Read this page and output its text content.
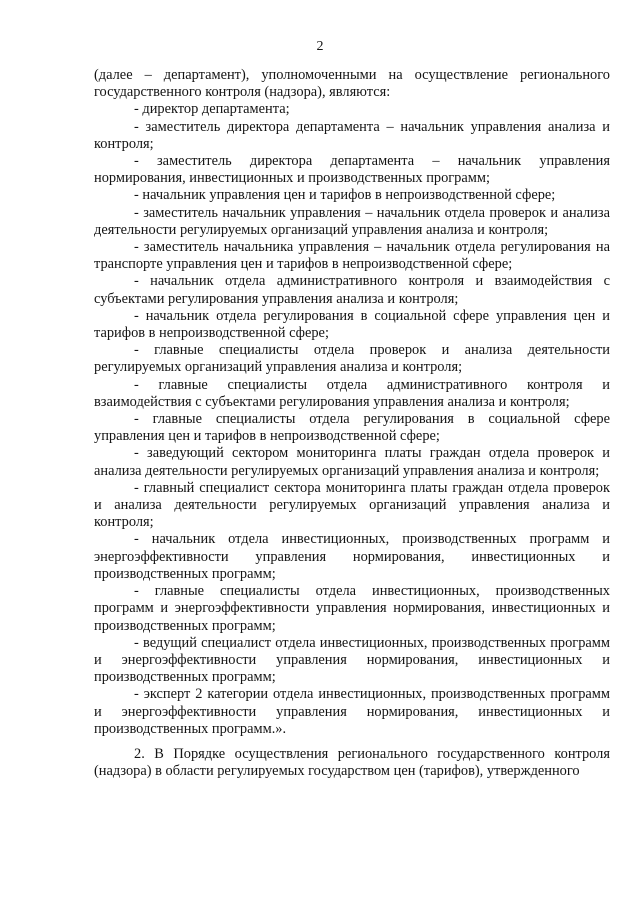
2

(далее – департамент), уполномоченными на осуществление регионального государственного контроля (надзора), являются:

- директор департамента;

- заместитель директора департамента – начальник управления анализа и контроля;

- заместитель директора департамента – начальник управления нормирования, инвестиционных и производственных программ;

- начальник управления цен и тарифов в непроизводственной сфере;

- заместитель начальник управления – начальник отдела проверок и анализа деятельности регулируемых организаций управления анализа и контроля;

- заместитель начальника управления – начальник отдела регулирования на транспорте управления цен и тарифов в непроизводственной сфере;

- начальник отдела административного контроля и взаимодействия с субъектами регулирования управления анализа и контроля;

- начальник отдела регулирования в социальной сфере управления цен и тарифов в непроизводственной сфере;

- главные специалисты отдела проверок и анализа деятельности регулируемых организаций управления анализа и контроля;

- главные специалисты отдела административного контроля и взаимодействия с субъектами регулирования управления анализа и контроля;

- главные специалисты отдела регулирования в социальной сфере управления цен и тарифов в непроизводственной сфере;

- заведующий сектором мониторинга платы граждан отдела проверок и анализа деятельности регулируемых организаций управления анализа и контроля;

- главный специалист сектора мониторинга платы граждан отдела проверок и анализа деятельности регулируемых организаций управления анализа и контроля;

- начальник отдела инвестиционных, производственных программ и энергоэффективности управления нормирования, инвестиционных и производственных программ;

- главные специалисты отдела инвестиционных, производственных программ и энергоэффективности управления нормирования, инвестиционных и производственных программ;

- ведущий специалист отдела инвестиционных, производственных программ и энергоэффективности управления нормирования, инвестиционных и производственных программ;

- эксперт 2 категории отдела инвестиционных, производственных программ и энергоэффективности управления нормирования, инвестиционных и производственных программ.».

2. В Порядке осуществления регионального государственного контроля (надзора) в области регулируемых государством цен (тарифов), утвержденного
